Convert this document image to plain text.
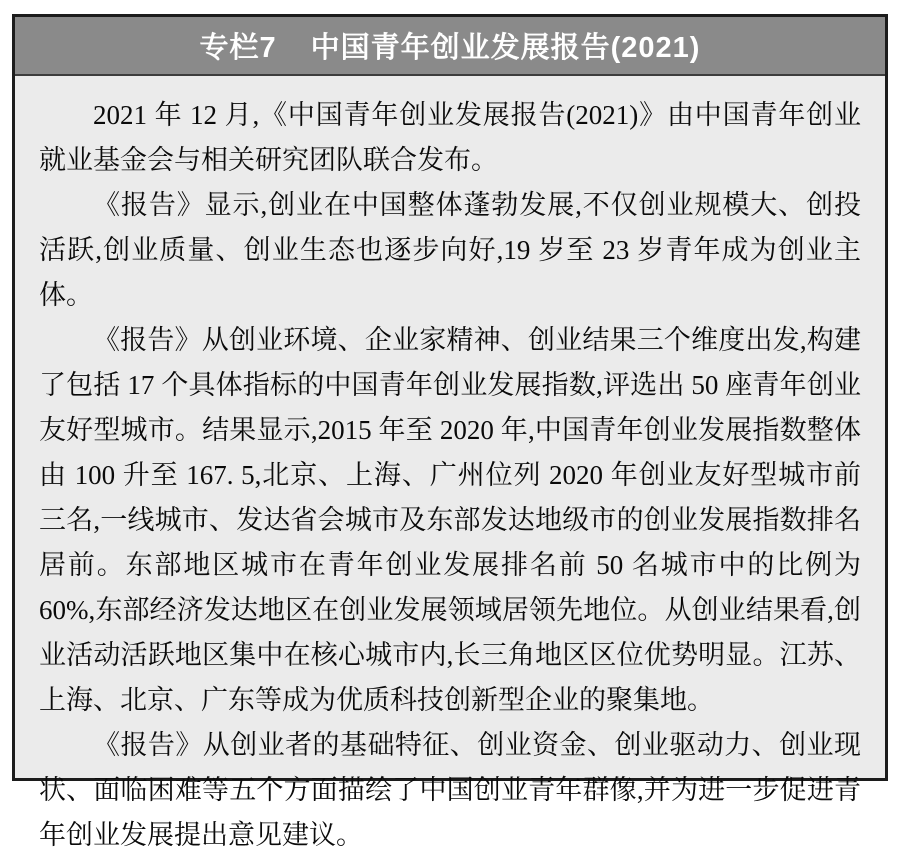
专栏7 中国青年创业发展报告(2021)

2021 年 12 月,《中国青年创业发展报告(2021)》由中国青年创业就业基金会与相关研究团队联合发布。

《报告》显示,创业在中国整体蓬勃发展,不仅创业规模大、创投活跃,创业质量、创业生态也逐步向好,19 岁至 23 岁青年成为创业主体。

《报告》从创业环境、企业家精神、创业结果三个维度出发,构建了包括 17 个具体指标的中国青年创业发展指数,评选出 50 座青年创业友好型城市。结果显示,2015 年至 2020 年,中国青年创业发展指数整体由 100 升至 167. 5,北京、上海、广州位列 2020 年创业友好型城市前三名,一线城市、发达省会城市及东部发达地级市的创业发展指数排名居前。东部地区城市在青年创业发展排名前 50 名城市中的比例为 60%,东部经济发达地区在创业发展领域居领先地位。从创业结果看,创业活动活跃地区集中在核心城市内,长三角地区区位优势明显。江苏、上海、北京、广东等成为优质科技创新型企业的聚集地。

《报告》从创业者的基础特征、创业资金、创业驱动力、创业现状、面临困难等五个方面描绘了中国创业青年群像,并为进一步促进青年创业发展提出意见建议。
